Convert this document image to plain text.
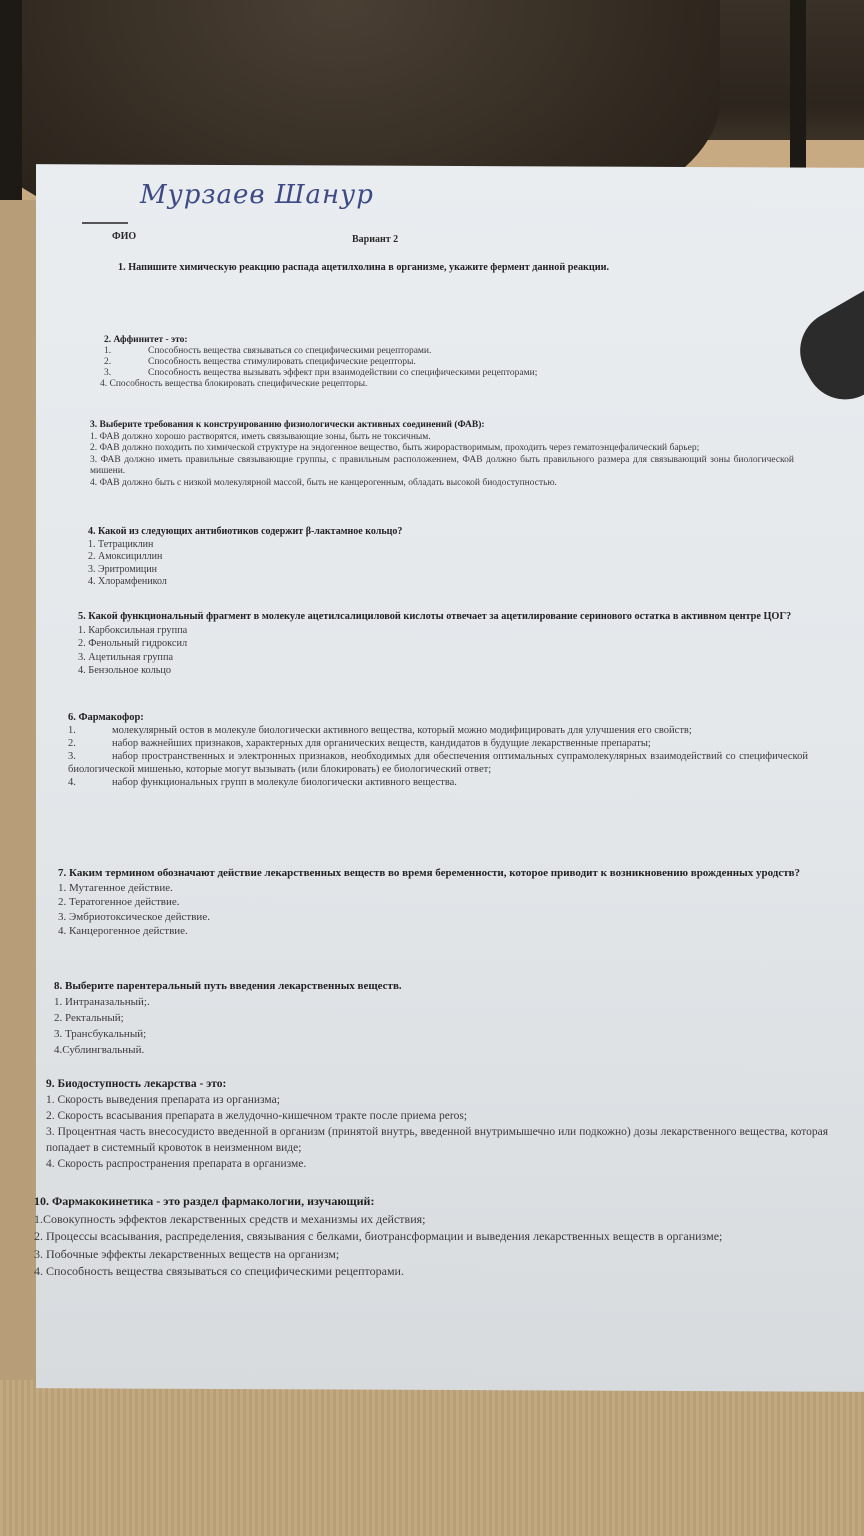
Мурзаев Шанур
ФИО	Вариант 2
1. Напишите химическую реакцию распада ацетилхолина в организме, укажите фермент данной реакции.
2. Аффинитет - это:
1.	Способность вещества связываться со специфическими рецепторами.
2.	Способность вещества стимулировать специфические рецепторы.
3.	Способность вещества вызывать эффект при взаимодействии со специфическими рецепторами;
4. Способность вещества блокировать специфические рецепторы.
3. Выберите требования к конструированию физиологически активных соединений (ФАВ):
1. ФАВ должно хорошо растворятся, иметь связывающие зоны, быть не токсичным.
2. ФАВ должно походить по химической структуре на эндогенное вещество, быть жирорастворимым, проходить через гематоэнцефалический барьер;
3. ФАВ должно иметь правильные связывающие группы, с правильным расположением, ФАВ должно быть правильного размера для связывающий зоны биологической мишени.
4. ФАВ должно быть с низкой молекулярной массой, быть не канцерогенным, обладать высокой биодоступностью.
4. Какой из следующих антибиотиков содержит β-лактамное кольцо?
1. Тетрациклин
2. Амоксициллин
3. Эритромицин
4. Хлорамфеникол
5. Какой функциональный фрагмент в молекуле ацетилсалициловой кислоты отвечает за ацетилирование серинового остатка в активном центре ЦОГ?
1. Карбоксильная группа
2. Фенольный гидроксил
3. Ацетильная группа
4. Бензольное кольцо
6. Фармакофор:
1.	молекулярный остов в молекуле биологически активного вещества, который можно модифицировать для улучшения его свойств;
2.	набор важнейших признаков, характерных для органических веществ, кандидатов в будущие лекарственные препараты;
3.	набор пространственных и электронных признаков, необходимых для обеспечения оптимальных супрамолекулярных взаимодействий со специфической биологической мишенью, которые могут вызывать (или блокировать) ее биологический ответ;
4.	набор функциональных групп в молекуле биологически активного вещества.
7. Каким термином обозначают действие лекарственных веществ во время беременности, которое приводит к возникновению врожденных уродств?
1. Мутагенное действие.
2. Тератогенное действие.
3. Эмбриотоксическое действие.
4. Канцерогенное действие.
8. Выберите парентеральный путь введения лекарственных веществ.
1. Интраназальный;.
2. Ректальный;
3. Трансбукальный;
4.Сублингвальный.
9. Биодоступность лекарства - это:
1. Скорость выведения препарата из организма;
2. Скорость всасывания препарата в желудочно-кишечном тракте после приема peros;
3. Процентная часть внесосудисто введенной в организм (принятой внутрь, введенной внутримышечно или подкожно) дозы лекарственного вещества, которая попадает в системный кровоток в неизменном виде;
4. Скорость распространения препарата в организме.
10. Фармакокинетика - это раздел фармакологии, изучающий:
1.Совокупность эффектов лекарственных средств и механизмы их действия;
2. Процессы всасывания, распределения, связывания с белками, биотрансформации и выведения лекарственных веществ в организме;
3. Побочные эффекты лекарственных веществ на организм;
4. Способность вещества связываться со специфическими рецепторами.
